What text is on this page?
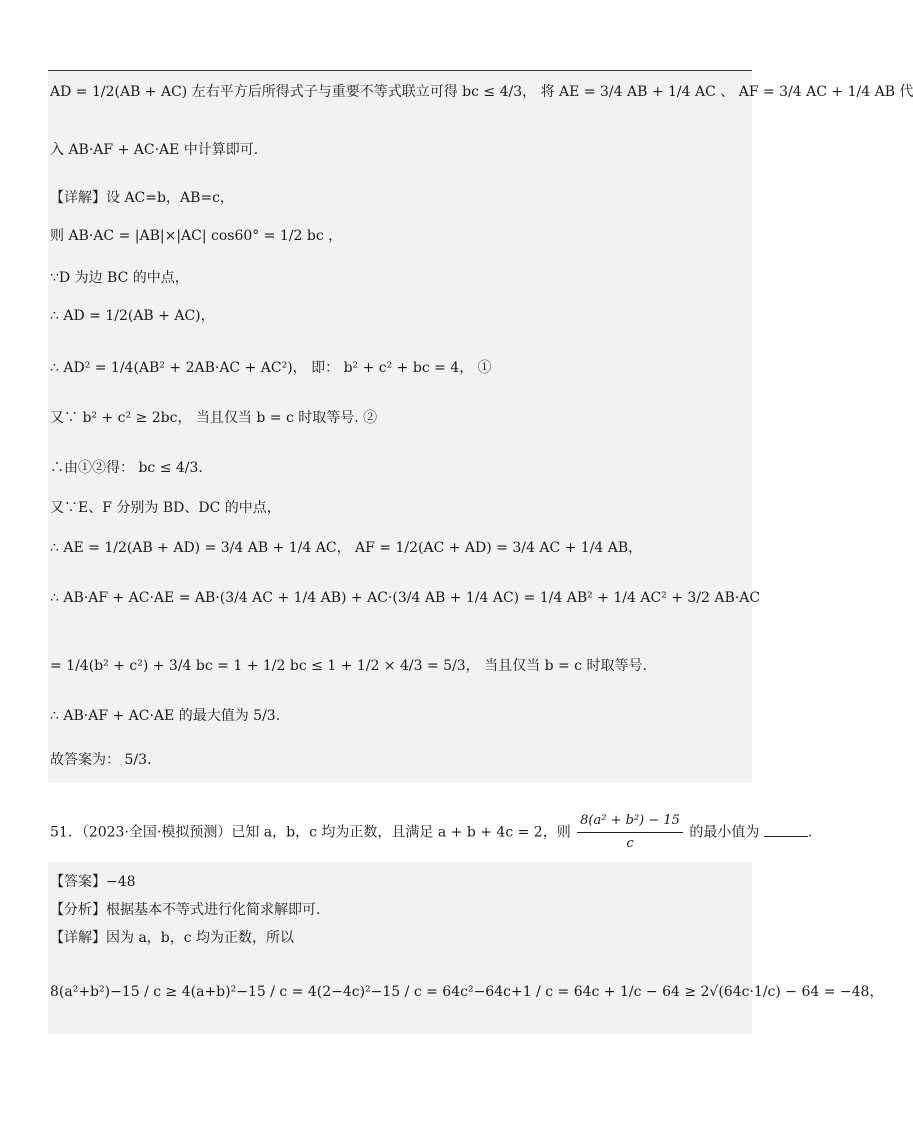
AD = 1/2(AB + AC) 左右平方后所得式子与重要不等式联立可得 bc ≤ 4/3， 将 AE = 3/4 AB + 1/4 AC 、 AF = 3/4 AC + 1/4 AB 代
入 AB·AF + AC·AE 中计算即可.
【详解】设 AC=b，AB=c，
则 AB·AC = |AB|×|AC| cos60° = 1/2 bc ，
∵D 为边 BC 的中点，
∴ AD = 1/2(AB + AC)，
∴ AD² = 1/4(AB² + 2AB·AC + AC²)， 即： b² + c² + bc = 4， ①
又∵ b² + c² ≥ 2bc， 当且仅当 b = c 时取等号. ②
∴由①②得： bc ≤ 4/3.
又∵E、F 分别为 BD、DC 的中点，
∴ AE = 1/2(AB + AD) = 3/4 AB + 1/4 AC， AF = 1/2(AC + AD) = 3/4 AC + 1/4 AB，
∴ AB·AF + AC·AE = AB·(3/4 AC + 1/4 AB) + AC·(3/4 AB + 1/4 AC) = 1/4 AB² + 1/4 AC² + 3/2 AB·AC
= 1/4(b² + c²) + 3/4 bc = 1 + 1/2 bc ≤ 1 + 1/2 × 4/3 = 5/3， 当且仅当 b = c 时取等号.
∴ AB·AF + AC·AE 的最大值为 5/3.
故答案为： 5/3.
51．（2023·全国·模拟预测）已知 a，b，c 均为正数，且满足 a + b + 4c = 2，则 $\frac{\text{8(a² + b²) − 15}}{c}$ 的最小值为	.
【答案】−48
【分析】根据基本不等式进行化简求解即可.
【详解】因为 a，b，c 均为正数，所以
8(a²+b²)−15 / c ≥ 4(a+b)²−15 / c = 4(2−4c)²−15 / c = 64c²−64c+1 / c = 64c + 1/c − 64 ≥ 2√(64c·1/c) − 64 = −48，
